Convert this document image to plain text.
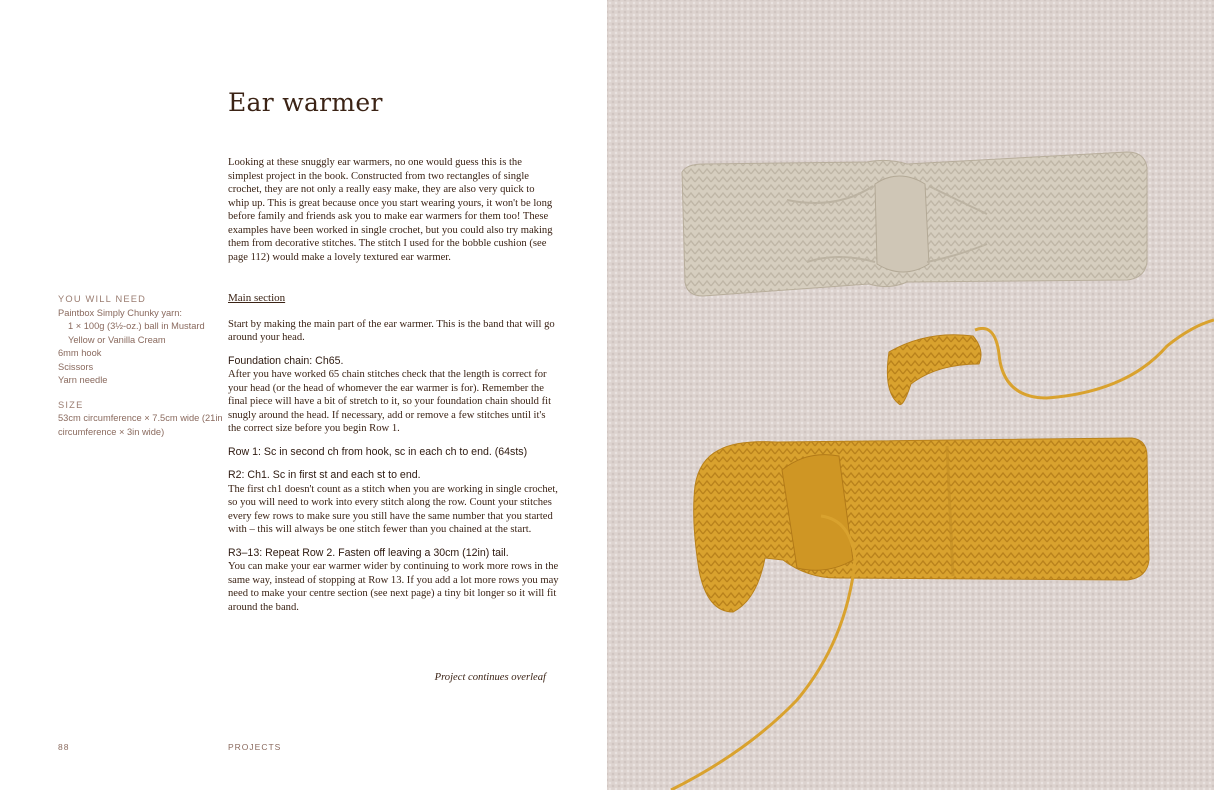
Ear warmer

Looking at these snuggly ear warmers, no one would guess this is the simplest project in the book. Constructed from two rectangles of single crochet, they are not only a really easy make, they are also very quick to whip up. This is great because once you start wearing yours, it won't be long before family and friends ask you to make ear warmers for them too! These examples have been worked in single crochet, but you could also try making them from decorative stitches. The stitch I used for the bobble cushion (see page 112) would make a lovely textured ear warmer.

YOU WILL NEED

Paintbox Simply Chunky yarn:

1 × 100g (3½-oz.) ball in Mustard Yellow or Vanilla Cream

6mm hook

Scissors

Yarn needle

SIZE

53cm circumference × 7.5cm wide (21in circumference × 3in wide)

Main section

Start by making the main part of the ear warmer. This is the band that will go around your head.

Foundation chain: Ch65.

After you have worked 65 chain stitches check that the length is correct for your head (or the head of whomever the ear warmer is for). Remember the final piece will have a bit of stretch to it, so your foundation chain should fit snugly around the head. If necessary, add or remove a few stitches until it's the correct size before you begin Row 1.

Row 1: Sc in second ch from hook, sc in each ch to end. (64sts)

R2: Ch1. Sc in first st and each st to end.

The first ch1 doesn't count as a stitch when you are working in single crochet, so you will need to work into every stitch along the row. Count your stitches every few rows to make sure you still have the same number that you started with – this will always be one stitch fewer than you chained at the start.

R3–13: Repeat Row 2. Fasten off leaving a 30cm (12in) tail.

You can make your ear warmer wider by continuing to work more rows in the same way, instead of stopping at Row 13. If you add a lot more rows you may need to make your centre section (see next page) a tiny bit longer so it will fit around the band.

Project continues overleaf

88	PROJECTS
